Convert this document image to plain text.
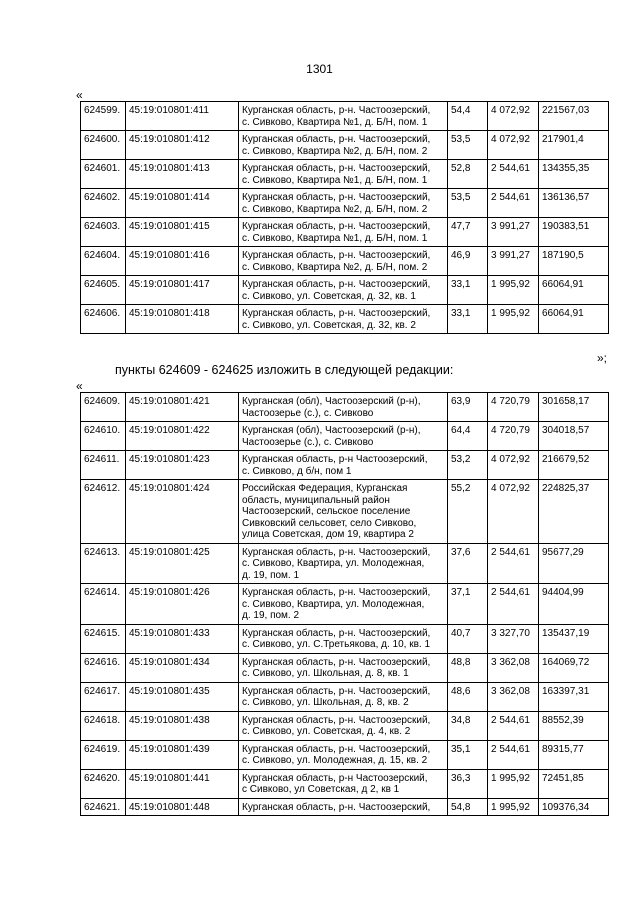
1301
«
624599.	45:19:010801:411	Курганская область, р-н. Частоозерский,
с. Сивково, Квартира №1, д. Б/Н, пом. 1	54,4	4 072,92	221567,03
624600.	45:19:010801:412	Курганская область, р-н. Частоозерский,
с. Сивково, Квартира №2, д. Б/Н, пом. 2	53,5	4 072,92	217901,4
624601.	45:19:010801:413	Курганская область, р-н. Частоозерский,
с. Сивково, Квартира №1, д. Б/Н, пом. 1	52,8	2 544,61	134355,35
624602.	45:19:010801:414	Курганская область, р-н. Частоозерский,
с. Сивково, Квартира №2, д. Б/Н, пом. 2	53,5	2 544,61	136136,57
624603.	45:19:010801:415	Курганская область, р-н. Частоозерский,
с. Сивково, Квартира №1, д. Б/Н, пом. 1	47,7	3 991,27	190383,51
624604.	45:19:010801:416	Курганская область, р-н. Частоозерский,
с. Сивково, Квартира №2, д. Б/Н, пом. 2	46,9	3 991,27	187190,5
624605.	45:19:010801:417	Курганская область, р-н. Частоозерский,
с. Сивково, ул. Советская, д. 32, кв. 1	33,1	1 995,92	66064,91
624606.	45:19:010801:418	Курганская область, р-н. Частоозерский,
с. Сивково, ул. Советская, д. 32, кв. 2	33,1	1 995,92	66064,91
»;
пункты 624609 - 624625 изложить в следующей редакции:
«
624609.	45:19:010801:421	Курганская (обл), Частоозерский (р-н),
Частоозерье (с.), с. Сивково	63,9	4 720,79	301658,17
624610.	45:19:010801:422	Курганская (обл), Частоозерский (р-н),
Частоозерье (с.), с. Сивково	64,4	4 720,79	304018,57
624611.	45:19:010801:423	Курганская область, р-н Частоозерский,
с. Сивково, д б/н, пом 1	53,2	4 072,92	216679,52
624612.	45:19:010801:424	Российская Федерация, Курганская
область, муниципальный район
Частоозерский, сельское поселение
Сивковский сельсовет, село Сивково,
улица Советская, дом 19, квартира 2	55,2	4 072,92	224825,37
624613.	45:19:010801:425	Курганская область, р-н. Частоозерский,
с. Сивково, Квартира, ул. Молодежная,
д. 19, пом. 1	37,6	2 544,61	95677,29
624614.	45:19:010801:426	Курганская область, р-н. Частоозерский,
с. Сивково, Квартира, ул. Молодежная,
д. 19, пом. 2	37,1	2 544,61	94404,99
624615.	45:19:010801:433	Курганская область, р-н. Частоозерский,
с. Сивково, ул. С.Третьякова, д. 10, кв. 1	40,7	3 327,70	135437,19
624616.	45:19:010801:434	Курганская область, р-н. Частоозерский,
с. Сивково, ул. Школьная, д. 8, кв. 1	48,8	3 362,08	164069,72
624617.	45:19:010801:435	Курганская область, р-н. Частоозерский,
с. Сивково, ул. Школьная, д. 8, кв. 2	48,6	3 362,08	163397,31
624618.	45:19:010801:438	Курганская область, р-н. Частоозерский,
с. Сивково, ул. Советская, д. 4, кв. 2	34,8	2 544,61	88552,39
624619.	45:19:010801:439	Курганская область, р-н. Частоозерский,
с. Сивково, ул. Молодежная, д. 15, кв. 2	35,1	2 544,61	89315,77
624620.	45:19:010801:441	Курганская область, р-н Частоозерский,
с Сивково, ул Советская, д 2, кв 1	36,3	1 995,92	72451,85
624621.	45:19:010801:448	Курганская область, р-н. Частоозерский,	54,8	1 995,92	109376,34
